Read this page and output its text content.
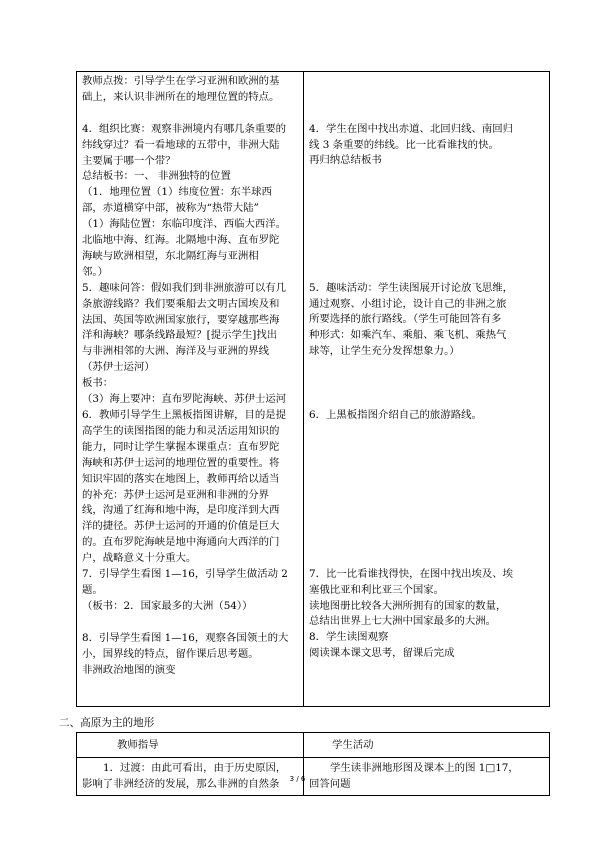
教师点拨：引导学生在学习亚洲和欧洲的基

础上，来认识非洲所在的地理位置的特点。

4．组织比赛：观察非洲境内有哪几条重要的

纬线穿过？看一看地球的五带中，非洲大陆

主要属于哪一个带？

总结板书：一、 非洲独特的位置

（1．地理位置（1）纬度位置：东半球西

部，赤道横穿中部，被称为“热带大陆”

（1）海陆位置：东临印度洋、西临大西洋。

北临地中海、红海。北隔地中海、直布罗陀

海峡与欧洲相望，东北隔红海与亚洲相

邻。）

5．趣味问答：假如我们到非洲旅游可以有几

条旅游线路？我们要乘船去文明古国埃及和

法国、英国等欧洲国家旅行，要穿越那些海

洋和海峡？哪条线路最短？[提示学生]找出

与非洲相邻的大洲、海洋及与亚洲的界线

（苏伊士运河）

板书：

（3）海上要冲：直布罗陀海峡、苏伊士运河

6．教师引导学生上黑板指图讲解，目的是提

高学生的读图指图的能力和灵活运用知识的

能力，同时让学生掌握本课重点：直布罗陀

海峡和苏伊士运河的地理位置的重要性。将

知识牢固的落实在地图上，教师再给以适当

的补充：苏伊士运河是亚洲和非洲的分界

线，沟通了红海和地中海，是印度洋到大西

洋的捷径。苏伊士运河的开通的价值是巨大

的。直布罗陀海峡是地中海通向大西洋的门

户，战略意义十分重大。

7．引导学生看图 1—16，引导学生做活动 2

题。

（板书：2．国家最多的大洲（54））

8．引导学生看图 1—16，观察各国领土的大

小，国界线的特点，留作课后思考题。

非洲政治地图的演变

4．学生在图中找出赤道、北回归线、南回归

线 3 条重要的纬线。比一比看谁找的快。

再归纳总结板书

5．趣味活动：学生读图展开讨论放飞思维，

通过观察、小组讨论，设计自己的非洲之旅

所要选择的旅行路线。（学生可能回答有多

种形式：如乘汽车、乘船、乘飞机、乘热气

球等，让学生充分发挥想象力。）

6．上黑板指图介绍自己的旅游路线。

7．比一比看谁找得快，在图中找出埃及、埃

塞俄比亚和利比亚三个国家。

读地图册比较各大洲所拥有的国家的数量，

总结出世界上七大洲中国家最多的大洲。

8．学生读图观察

阅读课本课文思考，留课后完成

二、高原为主的地形
教师指导	学生活动

1．过渡：由此可看出，由于历史原因，

影响了非洲经济的发展，那么非洲的自然条

学生读非洲地形图及课本上的图 1□17，

回答问题

3 / 6
